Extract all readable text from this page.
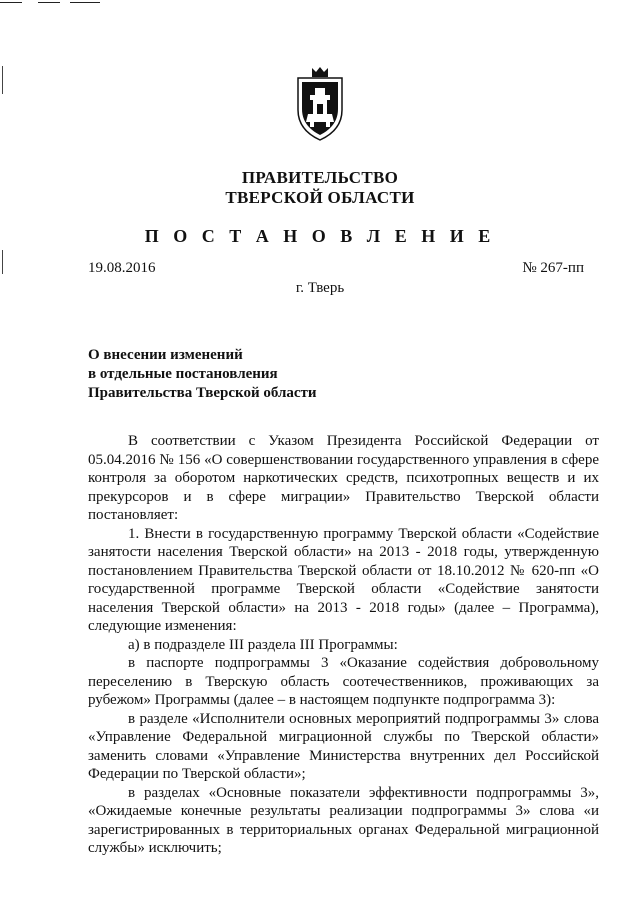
ПРАВИТЕЛЬСТВО
ТВЕРСКОЙ ОБЛАСТИ
П О С Т А Н О В Л Е Н И Е
19.08.2016	№ 267-пп
г. Тверь
О внесении изменений
в отдельные постановления
Правительства Тверской области

В соответствии с Указом Президента Российской Федерации от 05.04.2016 № 156 «О совершенствовании государственного управления в сфере контроля за оборотом наркотических средств, психотропных веществ и их прекурсоров и в сфере миграции» Правительство Тверской области постановляет:

1. Внести в государственную программу Тверской области «Содействие занятости населения Тверской области» на 2013 - 2018 годы, утвержденную постановлением Правительства Тверской области от 18.10.2012 № 620-пп «О государственной программе Тверской области «Содействие занятости населения Тверской области» на 2013 - 2018 годы» (далее – Программа), следующие изменения:

а) в подразделе III раздела III Программы:

в паспорте подпрограммы 3 «Оказание содействия добровольному переселению в Тверскую область соотечественников, проживающих за рубежом» Программы (далее – в настоящем подпункте подпрограмма 3):

в разделе «Исполнители основных мероприятий подпрограммы 3» слова «Управление Федеральной миграционной службы по Тверской области» заменить словами «Управление Министерства внутренних дел Российской Федерации по Тверской области»;

в разделах «Основные показатели эффективности подпрограммы 3», «Ожидаемые конечные результаты реализации подпрограммы 3» слова «и зарегистрированных в территориальных органах Федеральной миграционной службы» исключить;
